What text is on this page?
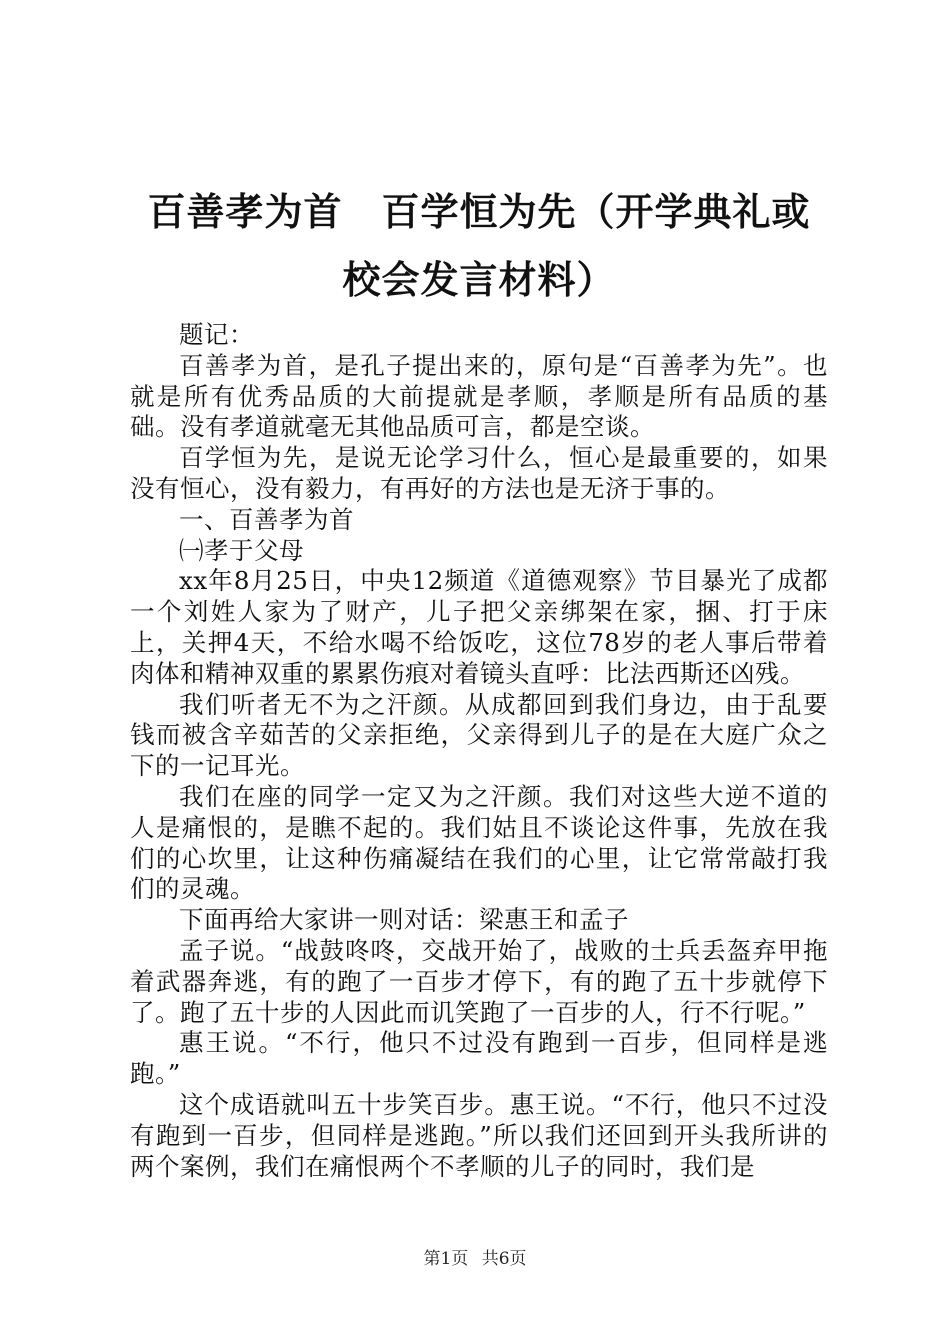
百善孝为首　百学恒为先（开学典礼或校会发言材料）

题记：

百善孝为首，是孔子提出来的，原句是“百善孝为先”。也就是所有优秀品质的大前提就是孝顺，孝顺是所有品质的基础。没有孝道就毫无其他品质可言，都是空谈。

百学恒为先，是说无论学习什么，恒心是最重要的，如果没有恒心，没有毅力，有再好的方法也是无济于事的。

一、百善孝为首

㈠孝于父母

xx年8月25日，中央12频道《道德观察》节目暴光了成都一个刘姓人家为了财产，儿子把父亲绑架在家，捆、打于床上，关押4天，不给水喝不给饭吃，这位78岁的老人事后带着肉体和精神双重的累累伤痕对着镜头直呼：比法西斯还凶残。

我们听者无不为之汗颜。从成都回到我们身边，由于乱要钱而被含辛茹苦的父亲拒绝，父亲得到儿子的是在大庭广众之下的一记耳光。

我们在座的同学一定又为之汗颜。我们对这些大逆不道的人是痛恨的，是瞧不起的。我们姑且不谈论这件事，先放在我们的心坎里，让这种伤痛凝结在我们的心里，让它常常敲打我们的灵魂。

下面再给大家讲一则对话：梁惠王和孟子

孟子说。“战鼓咚咚，交战开始了，战败的士兵丢盔弃甲拖着武器奔逃，有的跑了一百步才停下，有的跑了五十步就停下了。跑了五十步的人因此而讥笑跑了一百步的人，行不行呢。”

惠王说。“不行，他只不过没有跑到一百步，但同样是逃跑。”

这个成语就叫五十步笑百步。惠王说。“不行，他只不过没有跑到一百步，但同样是逃跑。”所以我们还回到开头我所讲的两个案例，我们在痛恨两个不孝顺的儿子的同时，我们是

第1页 共6页
